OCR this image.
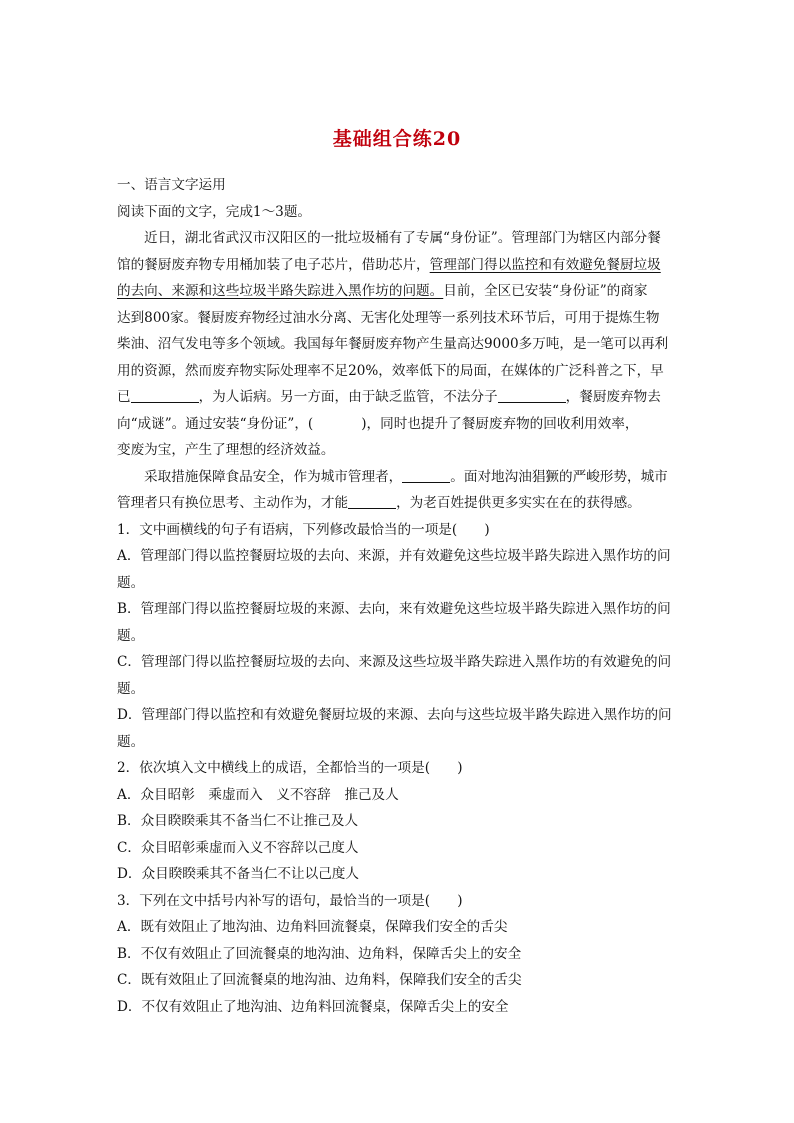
基础组合练20
一、语言文字运用
阅读下面的文字，完成1～3题。
近日，湖北省武汉市汉阳区的一批垃圾桶有了专属“身份证”。管理部门为辖区内部分餐
馆的餐厨废弃物专用桶加装了电子芯片，借助芯片，管理部门得以监控和有效避免餐厨垃圾
的去向、来源和这些垃圾半路失踪进入黑作坊的问题。目前，全区已安装“身份证”的商家
达到800家。餐厨废弃物经过油水分离、无害化处理等一系列技术环节后，可用于提炼生物
柴油、沼气发电等多个领域。我国每年餐厨废弃物产生量高达9000多万吨，是一笔可以再利
用的资源，然而废弃物实际处理率不足20%，效率低下的局面，在媒体的广泛科普之下，早
已	，为人诟病。另一方面，由于缺乏监管，不法分子	，餐厨废弃物去
向“成谜”。通过安装“身份证”，(	)，同时也提升了餐厨废弃物的回收利用效率，
变废为宝，产生了理想的经济效益。
采取措施保障食品安全，作为城市管理者，	。面对地沟油猖獗的严峻形势，城市
管理者只有换位思考、主动作为，才能	，为老百姓提供更多实实在在的获得感。
1．文中画横线的句子有语病，下列修改最恰当的一项是(　　)
A．管理部门得以监控餐厨垃圾的去向、来源，并有效避免这些垃圾半路失踪进入黑作坊的问
题。
B．管理部门得以监控餐厨垃圾的来源、去向，来有效避免这些垃圾半路失踪进入黑作坊的问
题。
C．管理部门得以监控餐厨垃圾的去向、来源及这些垃圾半路失踪进入黑作坊的有效避免的问
题。
D．管理部门得以监控和有效避免餐厨垃圾的来源、去向与这些垃圾半路失踪进入黑作坊的问
题。
2．依次填入文中横线上的成语，全都恰当的一项是(　　)
A．众目昭彰　乘虚而入　义不容辞　推己及人
B．众目睽睽乘其不备当仁不让推己及人
C．众目昭彰乘虚而入义不容辞以己度人
D．众目睽睽乘其不备当仁不让以己度人
3．下列在文中括号内补写的语句，最恰当的一项是(　　)
A．既有效阻止了地沟油、边角料回流餐桌，保障我们安全的舌尖
B．不仅有效阻止了回流餐桌的地沟油、边角料，保障舌尖上的安全
C．既有效阻止了回流餐桌的地沟油、边角料，保障我们安全的舌尖
D．不仅有效阻止了地沟油、边角料回流餐桌，保障舌尖上的安全
